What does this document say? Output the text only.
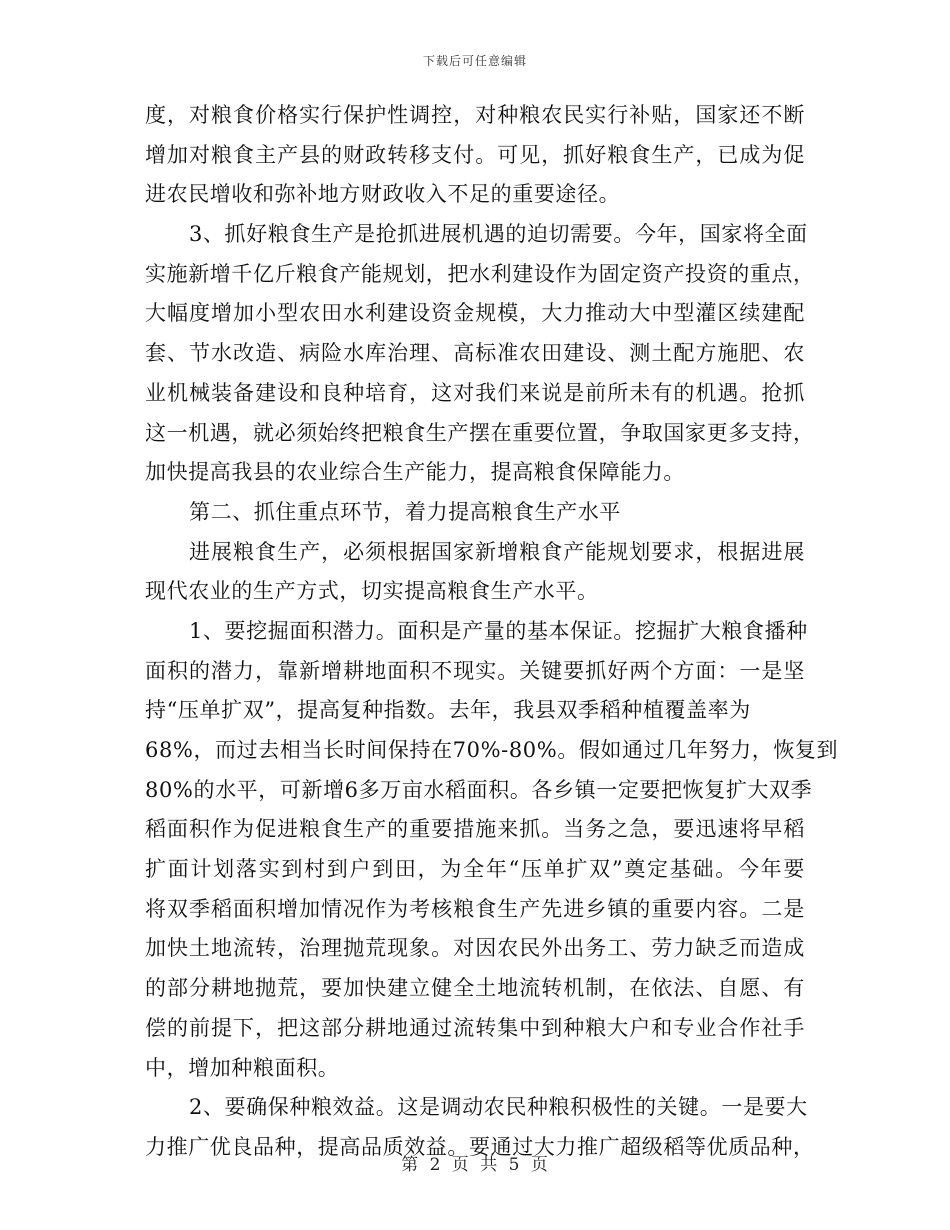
下载后可任意编辑
度，对粮食价格实行保护性调控，对种粮农民实行补贴，国家还不断
增加对粮食主产县的财政转移支付。可见，抓好粮食生产，已成为促
进农民增收和弥补地方财政收入不足的重要途径。
3、抓好粮食生产是抢抓进展机遇的迫切需要。今年，国家将全面
实施新增千亿斤粮食产能规划，把水利建设作为固定资产投资的重点，
大幅度增加小型农田水利建设资金规模，大力推动大中型灌区续建配
套、节水改造、病险水库治理、高标准农田建设、测土配方施肥、农
业机械装备建设和良种培育，这对我们来说是前所未有的机遇。抢抓
这一机遇，就必须始终把粮食生产摆在重要位置，争取国家更多支持，
加快提高我县的农业综合生产能力，提高粮食保障能力。
第二、抓住重点环节，着力提高粮食生产水平
进展粮食生产，必须根据国家新增粮食产能规划要求，根据进展
现代农业的生产方式，切实提高粮食生产水平。
1、要挖掘面积潜力。面积是产量的基本保证。挖掘扩大粮食播种
面积的潜力，靠新增耕地面积不现实。关键要抓好两个方面：一是坚
持“压单扩双”，提高复种指数。去年，我县双季稻种植覆盖率为
68%，而过去相当长时间保持在70%-80%。假如通过几年努力，恢复到
80%的水平，可新增6多万亩水稻面积。各乡镇一定要把恢复扩大双季
稻面积作为促进粮食生产的重要措施来抓。当务之急，要迅速将早稻
扩面计划落实到村到户到田，为全年“压单扩双”奠定基础。今年要
将双季稻面积增加情况作为考核粮食生产先进乡镇的重要内容。二是
加快土地流转，治理抛荒现象。对因农民外出务工、劳力缺乏而造成
的部分耕地抛荒，要加快建立健全土地流转机制，在依法、自愿、有
偿的前提下，把这部分耕地通过流转集中到种粮大户和专业合作社手
中，增加种粮面积。
2、要确保种粮效益。这是调动农民种粮积极性的关键。一是要大
力推广优良品种，提高品质效益。要通过大力推广超级稻等优质品种，
第 2 页 共 5 页
